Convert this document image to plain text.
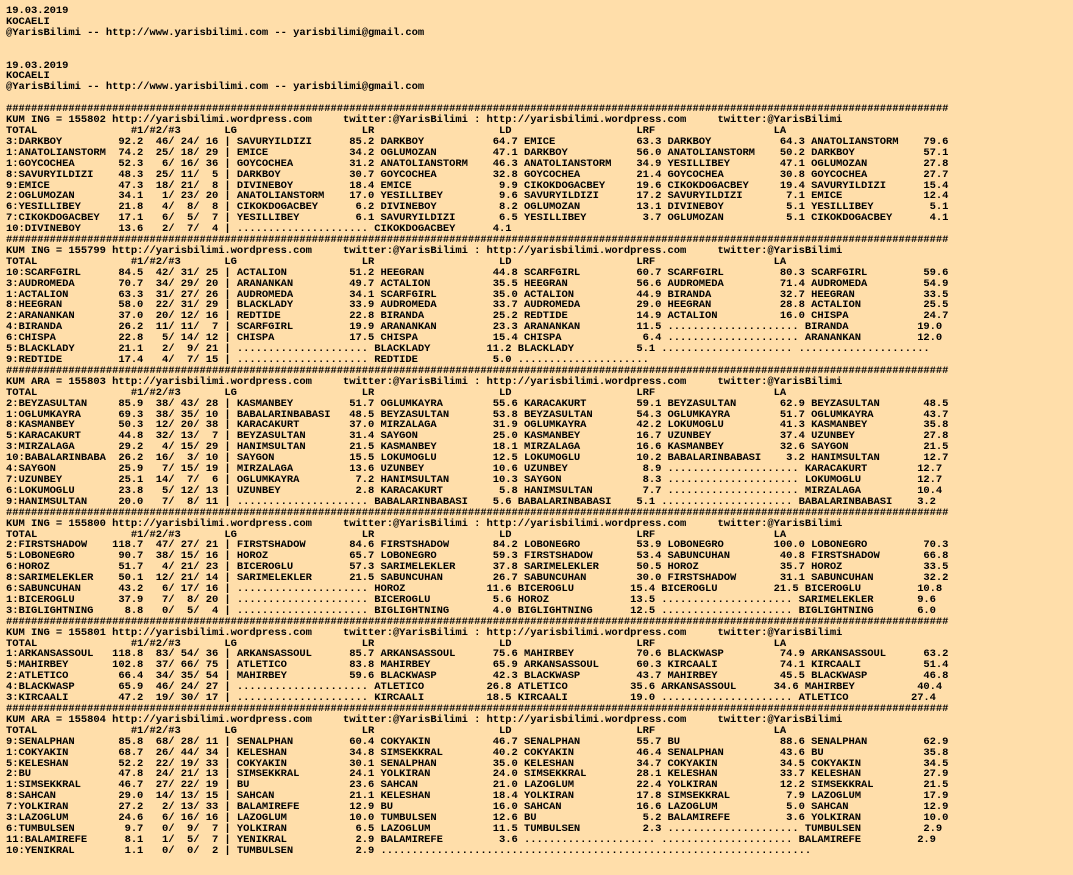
19.03.2019
KOCAELI
@YarisBilimi -- http://www.yarisbilimi.com -- yarisbilimi@gmail.com

19.03.2019
KOCAELI
@YarisBilimi -- http://www.yarisbilimi.com -- yarisbilimi@gmail.com

#######################################################################################################################################################
KUM ING = 155802 http://yarisbilimi.wordpress.com     twitter:@YarisBilimi : http://yarisbilimi.wordpress.com     twitter:@YarisBilimi
TOTAL               #1/#2/#3       LG                    LR                    LD                    LRF                   LA
3:DARKBOY         92.2  46/ 24/ 16 | SAVURYILDIZI      85.2 DARKBOY           64.7 EMICE             63.3 DARKBOY           64.3 ANATOLIANSTORM    79.6
1:ANATOLIANSTORM  74.2  25/ 18/ 29 | EMICE             34.2 OGLUMOZAN         47.1 DARKBOY           56.0 ANATOLIANSTORM    50.2 DARKBOY           57.1
1:GOYCOCHEA       52.3   6/ 16/ 36 | GOYCOCHEA         31.2 ANATOLIANSTORM    46.3 ANATOLIANSTORM    34.9 YESILLIBEY        47.1 OGLUMOZAN         27.8
8:SAVURYILDIZI    48.3  25/ 11/  5 | DARKBOY           30.7 GOYCOCHEA         32.8 GOYCOCHEA         21.4 GOYCOCHEA         30.8 GOYCOCHEA         27.7
9:EMICE           47.3  18/ 21/  8 | DIVINEBOY         18.4 EMICE              9.9 CIKOKDOGACBEY     19.6 CIKOKDOGACBEY     19.4 SAVURYILDIZI      15.4
2:OGLUMOZAN       34.1   1/ 23/ 20 | ANATOLIANSTORM    17.0 YESILLIBEY         9.6 SAVURYILDIZI      17.2 SAVURYILDIZI       7.1 EMICE             12.4
6:YESILLIBEY      21.8   4/  8/  8 | CIKOKDOGACBEY      6.2 DIVINEBOY          8.2 OGLUMOZAN         13.1 DIVINEBOY          5.1 YESILLIBEY         5.1
7:CIKOKDOGACBEY   17.1   6/  5/  7 | YESILLIBEY         6.1 SAVURYILDIZI       6.5 YESILLIBEY         3.7 OGLUMOZAN          5.1 CIKOKDOGACBEY      4.1
10:DIVINEBOY      13.6   2/  7/  4 | ..................... CIKOKDOGACBEY      4.1
#######################################################################################################################################################
KUM ING = 155799 http://yarisbilimi.wordpress.com     twitter:@YarisBilimi : http://yarisbilimi.wordpress.com     twitter:@YarisBilimi
TOTAL               #1/#2/#3       LG                    LR                    LD                    LRF                   LA
10:SCARFGIRL      84.5  42/ 31/ 25 | ACTALION          51.2 HEEGRAN           44.8 SCARFGIRL         60.7 SCARFGIRL         80.3 SCARFGIRL         59.6
3:AUDROMEDA       70.7  34/ 29/ 20 | ARANANKAN         49.7 ACTALION          35.5 HEEGRAN           56.6 AUDROMEDA         71.4 AUDROMEDA         54.9
1:ACTALION        63.3  31/ 27/ 26 | AUDROMEDA         34.1 SCARFGIRL         35.0 ACTALION          44.9 BIRANDA           32.7 HEEGRAN           33.5
8:HEEGRAN         58.0  22/ 31/ 29 | BLACKLADY         33.9 AUDROMEDA         33.7 AUDROMEDA         29.0 HEEGRAN           28.8 ACTALION          25.5
2:ARANANKAN       37.0  20/ 12/ 16 | REDTIDE           22.8 BIRANDA           25.2 REDTIDE           14.9 ACTALION          16.0 CHISPA            24.7
4:BIRANDA         26.2  11/ 11/  7 | SCARFGIRL         19.9 ARANANKAN         23.3 ARANANKAN         11.5 ..................... BIRANDA           19.0
6:CHISPA          22.8   5/ 14/ 12 | CHISPA            17.5 CHISPA            15.4 CHISPA             6.4 ..................... ARANANKAN         12.0
5:BLACKLADY       21.1   2/  9/ 21 | ..................... BLACKLADY         11.2 BLACKLADY          5.1 ..................... .....................
9:REDTIDE         17.4   4/  7/ 15 | ..................... REDTIDE            5.0 .....................
#######################################################################################################################################################
KUM ARA = 155803 http://yarisbilimi.wordpress.com     twitter:@YarisBilimi : http://yarisbilimi.wordpress.com     twitter:@YarisBilimi
TOTAL               #1/#2/#3       LG                    LR                    LD                    LRF                   LA
2:BEYZASULTAN     85.9  38/ 43/ 28 | KASMANBEY         51.7 OGLUMKAYRA        55.6 KARACAKURT        59.1 BEYZASULTAN       62.9 BEYZASULTAN       48.5
1:OGLUMKAYRA      69.3  38/ 35/ 10 | BABALARINBABASI   48.5 BEYZASULTAN       53.8 BEYZASULTAN       54.3 OGLUMKAYRA        51.7 OGLUMKAYRA        43.7
8:KASMANBEY       50.3  12/ 20/ 38 | KARACAKURT        37.0 MIRZALAGA         31.9 OGLUMKAYRA        42.2 LOKUMOGLU         41.3 KASMANBEY         35.8
5:KARACAKURT      44.8  32/ 13/  7 | BEYZASULTAN       31.4 SAYGON            25.0 KASMANBEY         16.7 UZUNBEY           37.4 UZUNBEY           27.8
3:MIRZALAGA       29.2   4/ 15/ 29 | HANIMSULTAN       21.5 KASMANBEY         18.1 MIRZALAGA         16.6 KASMANBEY         32.6 SAYGON            21.5
10:BABALARINBABA  26.2  16/  3/ 10 | SAYGON            15.5 LOKUMOGLU         12.5 LOKUMOGLU         10.2 BABALARINBABASI    3.2 HANIMSULTAN       12.7
4:SAYGON          25.9   7/ 15/ 19 | MIRZALAGA         13.6 UZUNBEY           10.6 UZUNBEY            8.9 ..................... KARACAKURT        12.7
7:UZUNBEY         25.1  14/  7/  6 | OGLUMKAYRA         7.2 HANIMSULTAN       10.3 SAYGON             8.3 ..................... LOKUMOGLU         12.7
6:LOKUMOGLU       23.8   5/ 12/ 13 | UZUNBEY            2.8 KARACAKURT         5.8 HANIMSULTAN        7.7 ..................... MIRZALAGA         10.4
9:HANIMSULTAN     20.0   7/  8/ 11 | ..................... BABALARINBABASI    5.6 BABALARINBABASI    5.1 ..................... BABALARINBABASI    3.2
#######################################################################################################################################################
KUM ING = 155800 http://yarisbilimi.wordpress.com     twitter:@YarisBilimi : http://yarisbilimi.wordpress.com     twitter:@YarisBilimi
TOTAL               #1/#2/#3       LG                    LR                    LD                    LRF                   LA
2:FIRSTSHADOW    118.7  47/ 27/ 21 | FIRSTSHADOW       84.6 FIRSTSHADOW       84.2 LOBONEGRO         53.9 LOBONEGRO        100.0 LOBONEGRO         70.3
5:LOBONEGRO       90.7  38/ 15/ 16 | HOROZ             65.7 LOBONEGRO         59.3 FIRSTSHADOW       53.4 SABUNCUHAN        40.8 FIRSTSHADOW       66.8
6:HOROZ           51.7   4/ 21/ 23 | BICEROGLU         57.3 SARIMELEKLER      37.8 SARIMELEKLER      50.5 HOROZ             35.7 HOROZ             33.5
8:SARIMELEKLER    50.1  12/ 21/ 14 | SARIMELEKLER      21.5 SABUNCUHAN        26.7 SABUNCUHAN        30.0 FIRSTSHADOW       31.1 SABUNCUHAN        32.2
6:SABUNCUHAN      43.2   6/ 17/ 16 | ..................... HOROZ             11.6 BICEROGLU         15.4 BICEROGLU         21.5 BICEROGLU         10.8
1:BICEROGLU       37.9   7/  8/ 20 | ..................... BICEROGLU          5.6 HOROZ             13.5 ..................... SARIMELEKLER       9.6
3:BIGLIGHTNING     8.8   0/  5/  4 | ..................... BIGLIGHTNING       4.0 BIGLIGHTNING      12.5 ..................... BIGLIGHTNING       6.0
#######################################################################################################################################################
KUM ING = 155801 http://yarisbilimi.wordpress.com     twitter:@YarisBilimi : http://yarisbilimi.wordpress.com     twitter:@YarisBilimi
TOTAL               #1/#2/#3       LG                    LR                    LD                    LRF                   LA
1:ARKANSASSOUL   118.8  83/ 54/ 36 | ARKANSASSOUL      85.7 ARKANSASSOUL      75.6 MAHIRBEY          70.6 BLACKWASP         74.9 ARKANSASSOUL      63.2
5:MAHIRBEY       102.8  37/ 66/ 75 | ATLETICO          83.8 MAHIRBEY          65.9 ARKANSASSOUL      60.3 KIRCAALI          74.1 KIRCAALI          51.4
2:ATLETICO        66.4  34/ 35/ 54 | MAHIRBEY          59.6 BLACKWASP         42.3 BLACKWASP         43.7 MAHIRBEY          45.5 BLACKWASP         46.8
4:BLACKWASP       65.9  46/ 24/ 27 | ..................... ATLETICO          26.8 ATLETICO          35.6 ARKANSASSOUL      34.6 MAHIRBEY          40.4
3:KIRCAALI        47.2  19/ 30/ 17 | ..................... KIRCAALI          18.5 KIRCAALI          19.0 ..................... ATLETICO          27.4
#######################################################################################################################################################
KUM ARA = 155804 http://yarisbilimi.wordpress.com     twitter:@YarisBilimi : http://yarisbilimi.wordpress.com     twitter:@YarisBilimi
TOTAL               #1/#2/#3       LG                    LR                    LD                    LRF                   LA
9:SENALPHAN       85.8  68/ 28/ 11 | SENALPHAN         60.4 COKYAKIN          46.7 SENALPHAN         55.7 BU                88.6 SENALPHAN         62.9
1:COKYAKIN        68.7  26/ 44/ 34 | KELESHAN          34.8 SIMSEKKRAL        40.2 COKYAKIN          46.4 SENALPHAN         43.6 BU                35.8
5:KELESHAN        52.2  22/ 19/ 33 | COKYAKIN          30.1 SENALPHAN         35.0 KELESHAN          34.7 COKYAKIN          34.5 COKYAKIN          34.5
2:BU              47.8  24/ 21/ 13 | SIMSEKKRAL        24.1 YOLKIRAN          24.0 SIMSEKKRAL        28.1 KELESHAN          33.7 KELESHAN          27.9
1:SIMSEKKRAL      46.7  27/ 22/ 19 | BU                23.6 SAHCAN            21.0 LAZOGLUM          22.4 YOLKIRAN          12.2 SIMSEKKRAL        21.5
8:SAHCAN          29.0  14/ 13/ 15 | SAHCAN            21.1 KELESHAN          18.4 YOLKIRAN          17.8 SIMSEKKRAL         7.9 LAZOGLUM          17.9
7:YOLKIRAN        27.2   2/ 13/ 33 | BALAMIREFE        12.9 BU                16.0 SAHCAN            16.6 LAZOGLUM           5.0 SAHCAN            12.9
3:LAZOGLUM        24.6   6/ 16/ 16 | LAZOGLUM          10.0 TUMBULSEN         12.6 BU                 5.2 BALAMIREFE         3.6 YOLKIRAN          10.0
6:TUMBULSEN        9.7   0/  9/  7 | YOLKIRAN           6.5 LAZOGLUM          11.5 TUMBULSEN          2.3 ..................... TUMBULSEN          2.9
11:BALAMIREFE      8.1   1/  5/  7 | YENIKRAL           2.9 BALAMIREFE         3.6 ..................... ..................... BALAMIREFE         2.9
10:YENIKRAL        1.1   0/  0/  2 | TUMBULSEN          2.9 .....................................................................
